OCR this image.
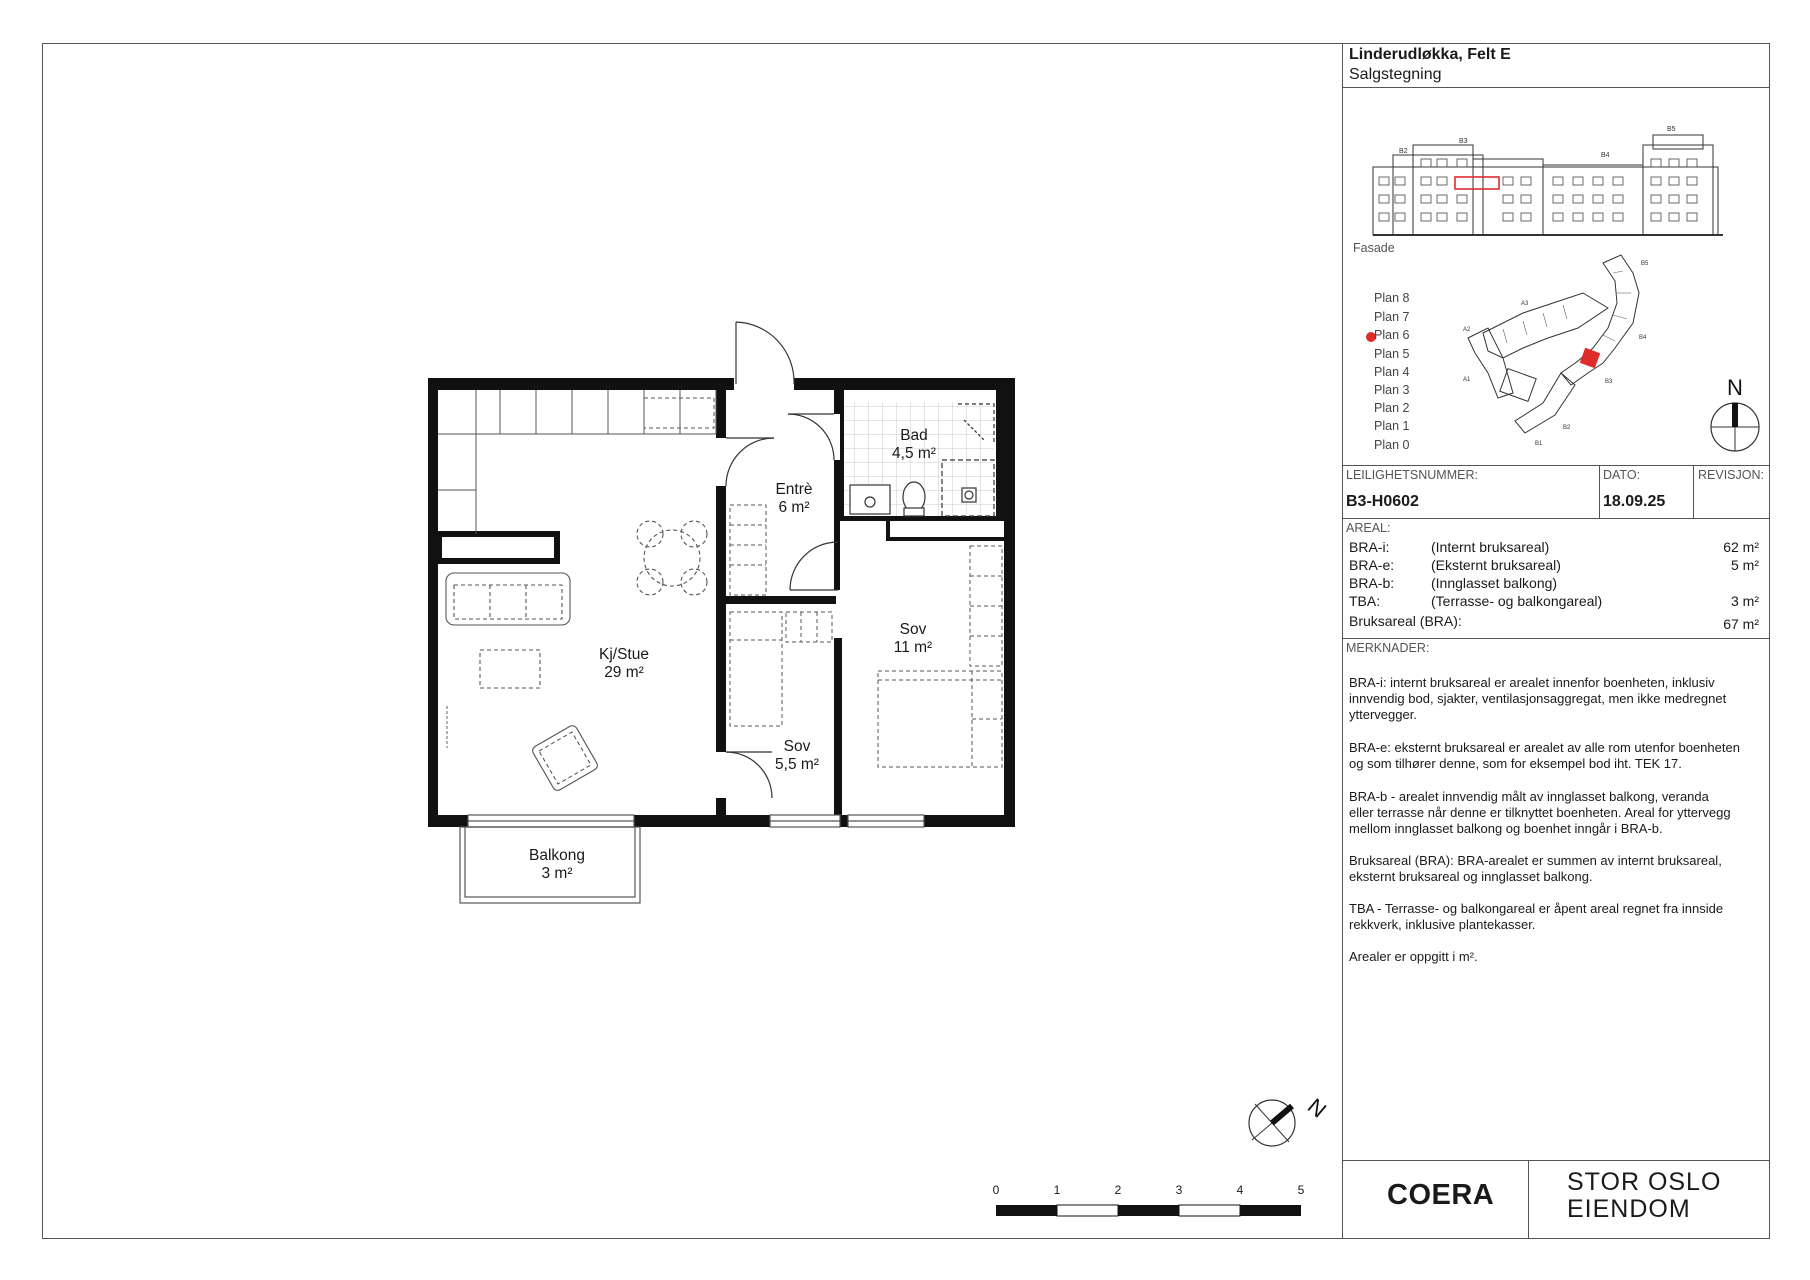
Bad 4,5 m²
Entrè 6 m²
Kj/Stue 29 m²
Sov 11 m²
Sov 5,5 m²
Balkong 3 m²
N
0	1	2	3	4	5
Linderudløkka, Felt E
Salgstegning
B2
B3
B4
B5
Fasade
A1
A2
A3
B1
B2
B3
B4
B5
Plan 8
Plan 7
Plan 6
Plan 5
Plan 4
Plan 3
Plan 2
Plan 1
Plan 0
N
LEILIGHETSNUMMER:
B3-H0602
DATO:
18.09.25
REVISJON:
AREAL:
BRA-i:	(Internt bruksareal)	62 m²
BRA-e:	(Eksternt bruksareal)	5 m²
BRA-b:	(Innglasset balkong)
TBA:	(Terrasse- og balkongareal)	3 m²
Bruksareal (BRA):	67 m²
MERKNADER:
BRA-i: internt bruksareal er arealet innenfor boenheten, inklusiv
innvendig bod, sjakter, ventilasjonsaggregat, men ikke medregnet
yttervegger.
BRA-e: eksternt bruksareal er arealet av alle rom utenfor boenheten
og som tilhører denne, som for eksempel bod iht. TEK 17.
BRA-b - arealet innvendig målt av innglasset balkong, veranda
eller terrasse når denne er tilknyttet boenheten. Areal for yttervegg
mellom innglasset balkong og boenhet inngår i BRA-b.
Bruksareal (BRA): BRA-arealet er summen av internt bruksareal,
eksternt bruksareal og innglasset balkong.
TBA - Terrasse- og balkongareal er åpent areal regnet fra innside
rekkverk, inklusive plantekasser.
Arealer er oppgitt i m².
COERA	STOR OSLO
EIENDOM
